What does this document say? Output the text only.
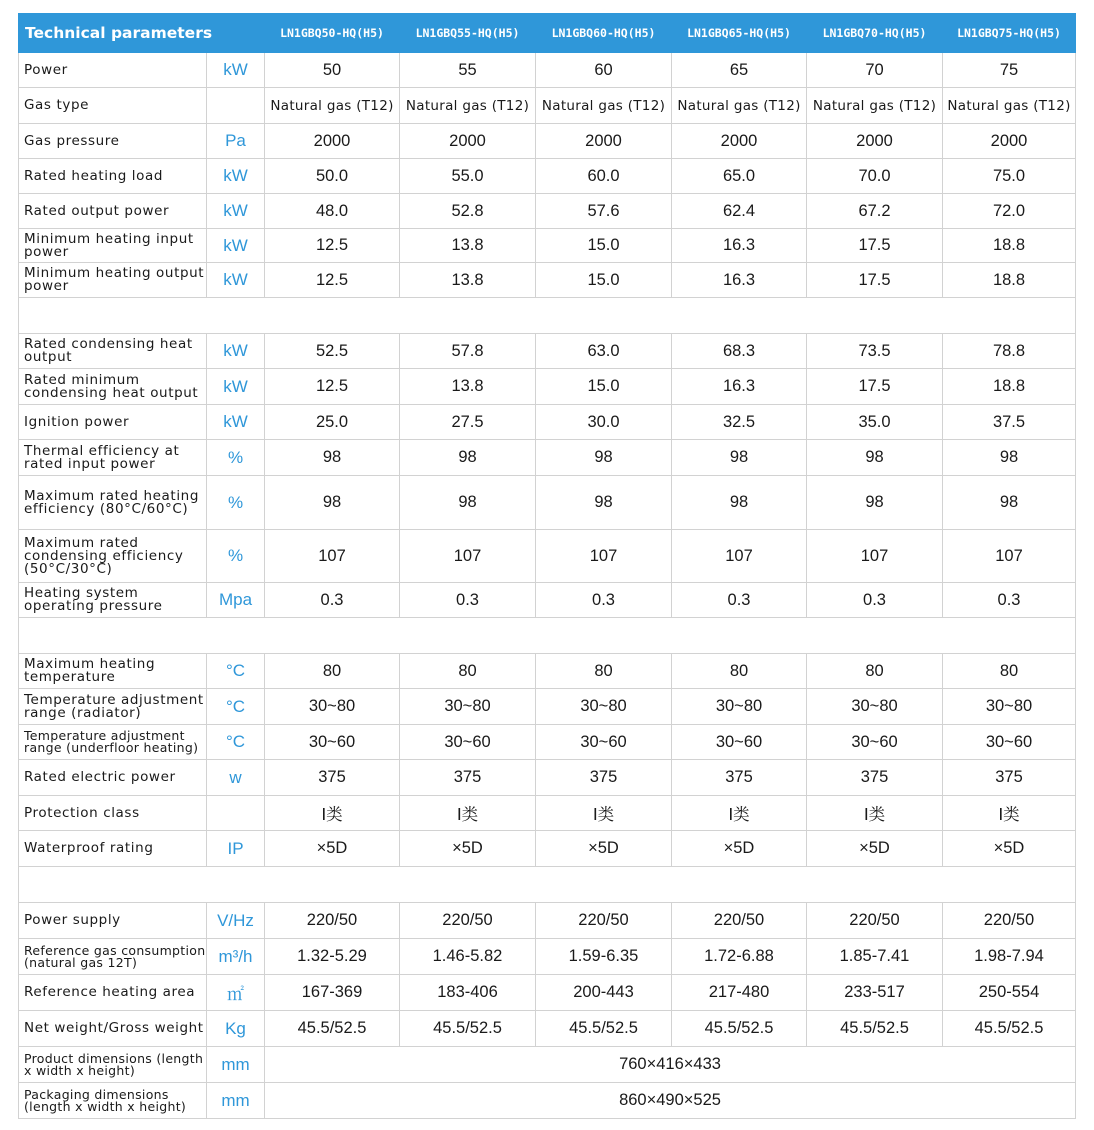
Technical parameters		LN1GBQ50-HQ(H5)	LN1GBQ55-HQ(H5)	LN1GBQ60-HQ(H5)	LN1GBQ65-HQ(H5)	LN1GBQ70-HQ(H5)	LN1GBQ75-HQ(H5)
Power	kW	50	55	60	65	70	75
Gas type		Natural gas (T12)	Natural gas (T12)	Natural gas (T12)	Natural gas (T12)	Natural gas (T12)	Natural gas (T12)
Gas pressure	Pa	2000	2000	2000	2000	2000	2000
Rated heating load	kW	50.0	55.0	60.0	65.0	70.0	75.0
Rated output power	kW	48.0	52.8	57.6	62.4	67.2	72.0
Minimum heating input power	kW	12.5	13.8	15.0	16.3	17.5	18.8
Minimum heating output power	kW	12.5	13.8	15.0	16.3	17.5	18.8

Rated condensing heat output	kW	52.5	57.8	63.0	68.3	73.5	78.8
Rated minimum condensing heat output	kW	12.5	13.8	15.0	16.3	17.5	18.8
Ignition power	kW	25.0	27.5	30.0	32.5	35.0	37.5
Thermal efficiency at rated input power	%	98	98	98	98	98	98
Maximum rated heating efficiency (80°C/60°C)	%	98	98	98	98	98	98
Maximum rated condensing efficiency (50°C/30°C)	%	107	107	107	107	107	107
Heating system operating pressure	Mpa	0.3	0.3	0.3	0.3	0.3	0.3

Maximum heating temperature	°C	80	80	80	80	80	80
Temperature adjustment range (radiator)	°C	30~80	30~80	30~80	30~80	30~80	30~80
Temperature adjustment range (underfloor heating)	°C	30~60	30~60	30~60	30~60	30~60	30~60
Rated electric power	w	375	375	375	375	375	375
Protection class		Ⅰ类	Ⅰ类	Ⅰ类	Ⅰ类	Ⅰ类	Ⅰ类
Waterproof rating	IP	×5D	×5D	×5D	×5D	×5D	×5D

Power supply	V/Hz	220/50	220/50	220/50	220/50	220/50	220/50
Reference gas consumption (natural gas 12T)	m³/h	1.32-5.29	1.46-5.82	1.59-6.35	1.72-6.88	1.85-7.41	1.98-7.94
Reference heating area	㎡	167-369	183-406	200-443	217-480	233-517	250-554
Net weight/Gross weight	Kg	45.5/52.5	45.5/52.5	45.5/52.5	45.5/52.5	45.5/52.5	45.5/52.5
Product dimensions (length x width x height)	mm	760×416×433					
Packaging dimensions (length x width x height)	mm	860×490×525					
